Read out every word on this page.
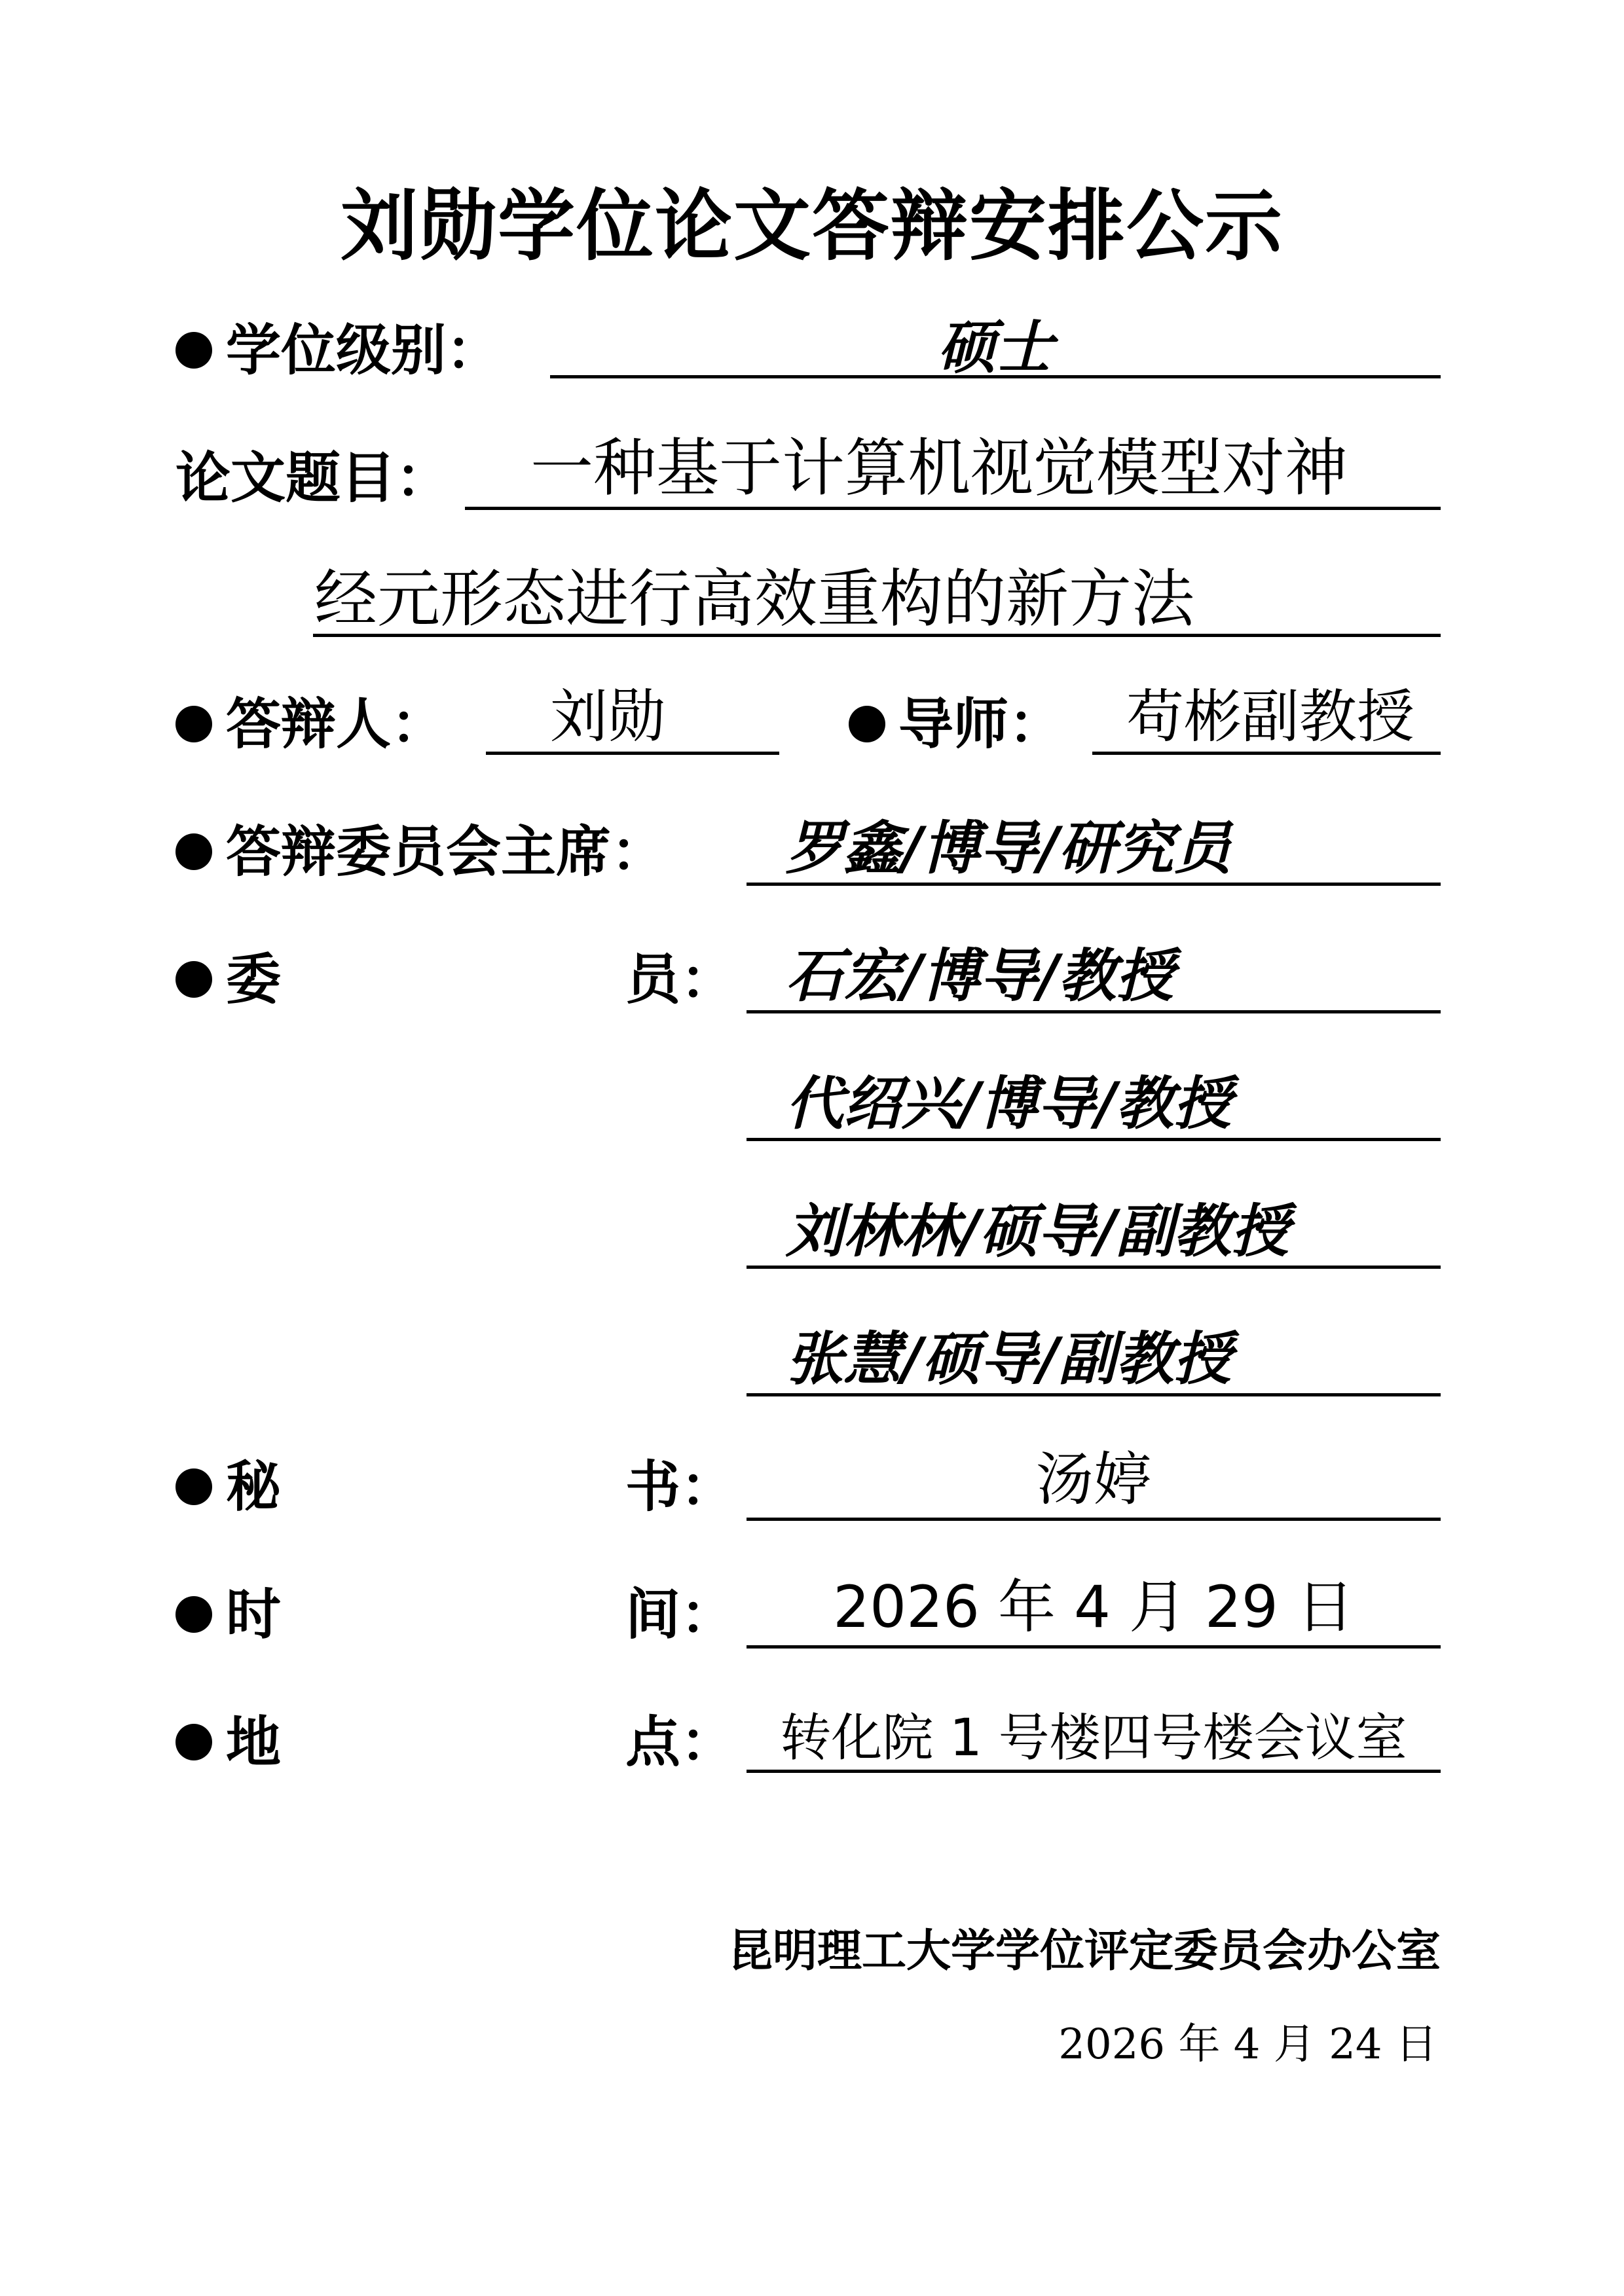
刘勋学位论文答辩安排公示
学位级别：	硕士
论文题目： 一种基于计算机视觉模型对神
经元形态进行高效重构的新方法
答辩人： 刘勋	导师： 苟彬副教授
答辩委员会主席： 罗鑫/博导/研究员
委	员： 石宏/博导/教授
代绍兴/博导/教授
刘林林/硕导/副教授
张慧/硕导/副教授
秘	书：	汤婷
时	间：	2026 年 4 月 29 日
地	点： 转化院 1 号楼四号楼会议室
昆明理工大学学位评定委员会办公室
2026 年 4 月 24 日
